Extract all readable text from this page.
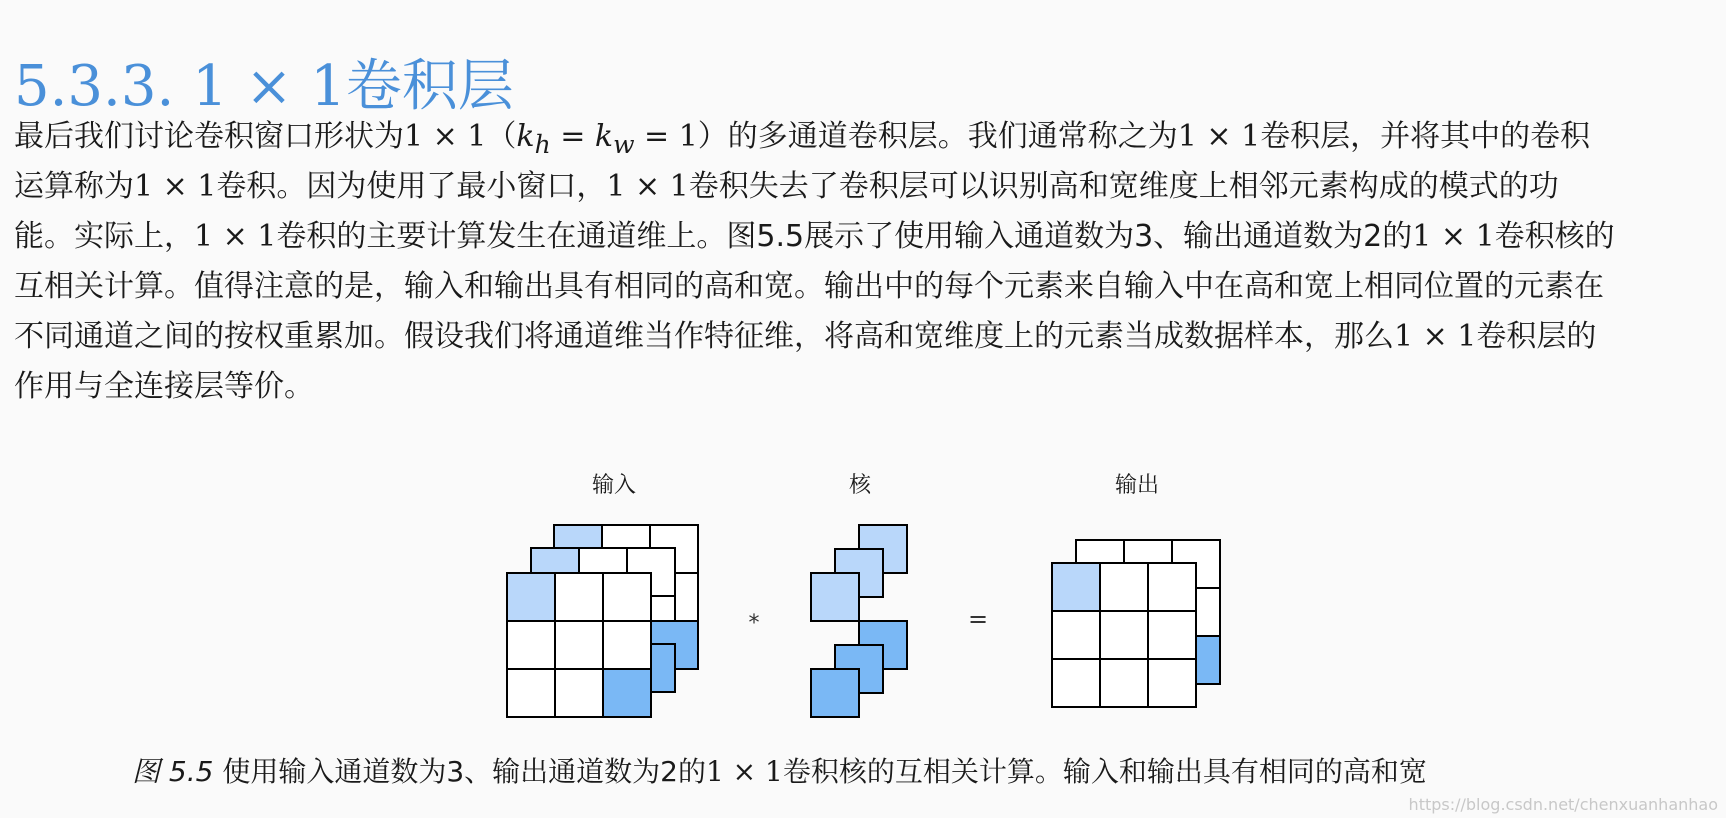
5.3.3. 1 × 1卷积层
最后我们讨论卷积窗口形状为$1 \times 1(k_h = k_w = 1)$的多通道卷积层。我们通常称之为1 × 1卷积层，并将其中的卷积
运算称为1 × 1卷积。因为使用了最小窗口，1 × 1卷积失去了卷积层可以识别高和宽维度上相邻元素构成的模式的功
能。实际上，1 × 1卷积的主要计算发生在通道维上。图5.5展示了使用输入通道数为3、输出通道数为2的1 × 1卷积核的
互相关计算。值得注意的是，输入和输出具有相同的高和宽。输出中的每个元素来自输入中在高和宽上相同位置的元素在
不同通道之间的按权重累加。假设我们将通道维当作特征维，将高和宽维度上的元素当成数据样本，那么1 × 1卷积层的
作用与全连接层等价。
输入	核	输出
*	=
图 5.5 使用输入通道数为3、输出通道数为2的1 × 1卷积核的互相关计算。输入和输出具有相同的高和宽
https://blog.csdn.net/chenxuanhanhao
